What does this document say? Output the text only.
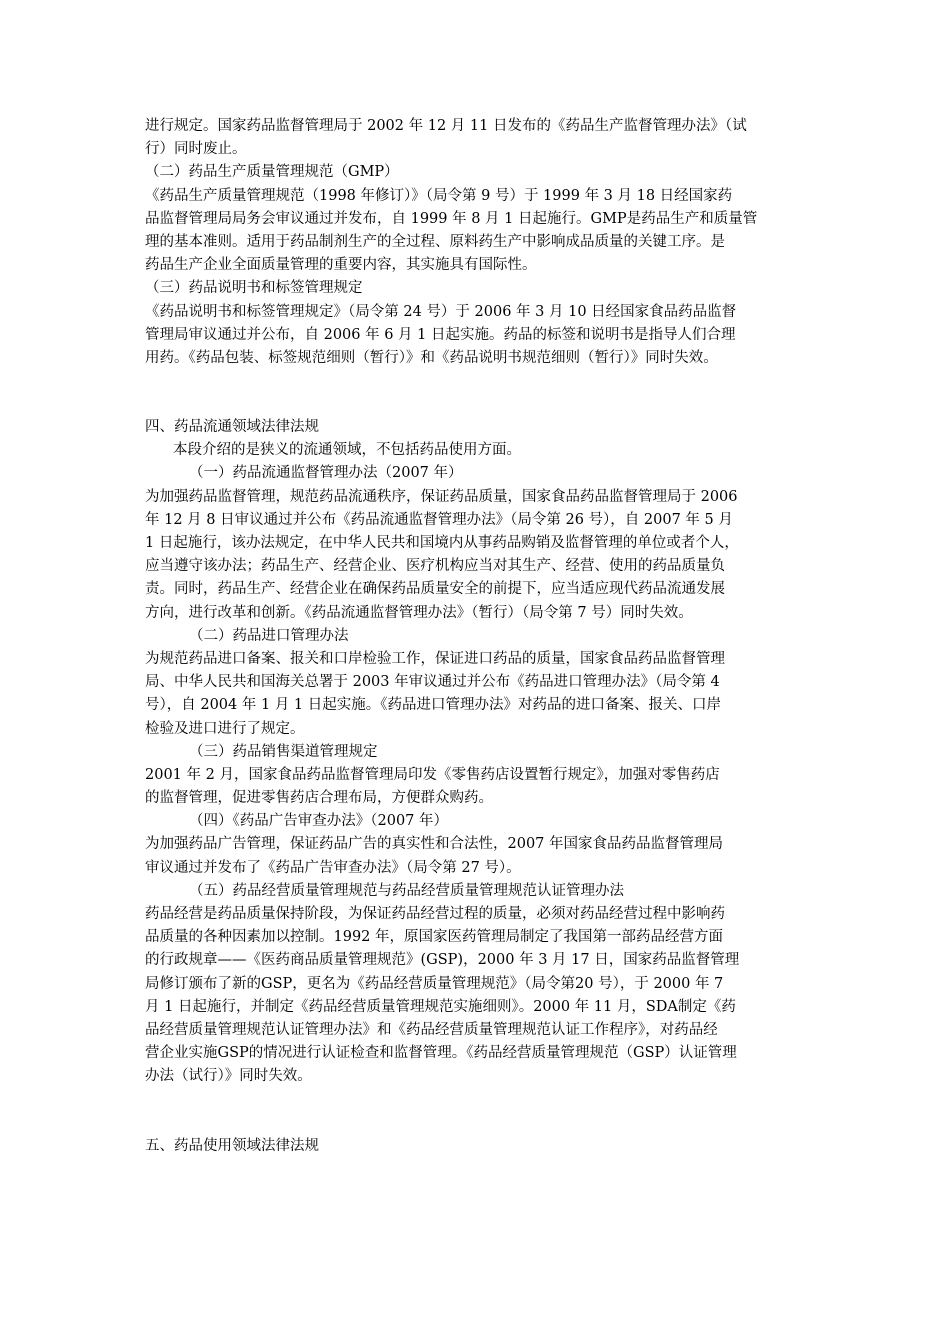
进行规定。国家药品监督管理局于 2002 年 12 月 11 日发布的《药品生产监督管理办法》（试
行）同时废止。
（二）药品生产质量管理规范（GMP）
《药品生产质量管理规范（1998 年修订）》（局令第 9 号）于 1999 年 3 月 18 日经国家药
品监督管理局局务会审议通过并发布，自 1999 年 8 月 1 日起施行。GMP是药品生产和质量管
理的基本准则。适用于药品制剂生产的全过程、原料药生产中影响成品质量的关键工序。是
药品生产企业全面质量管理的重要内容，其实施具有国际性。
（三）药品说明书和标签管理规定
《药品说明书和标签管理规定》（局令第 24 号）于 2006 年 3 月 10 日经国家食品药品监督
管理局审议通过并公布，自 2006 年 6 月 1 日起实施。药品的标签和说明书是指导人们合理
用药。《药品包装、标签规范细则（暂行）》和《药品说明书规范细则（暂行）》同时失效。
四、药品流通领域法律法规
本段介绍的是狭义的流通领域，不包括药品使用方面。
（一）药品流通监督管理办法（2007 年）
为加强药品监督管理，规范药品流通秩序，保证药品质量，国家食品药品监督管理局于 2006
年 12 月 8 日审议通过并公布《药品流通监督管理办法》（局令第 26 号），自 2007 年 5 月
1 日起施行，该办法规定，在中华人民共和国境内从事药品购销及监督管理的单位或者个人，
应当遵守该办法；药品生产、经营企业、医疗机构应当对其生产、经营、使用的药品质量负
责。同时，药品生产、经营企业在确保药品质量安全的前提下，应当适应现代药品流通发展
方向，进行改革和创新。《药品流通监督管理办法》（暂行）（局令第 7 号）同时失效。
（二）药品进口管理办法
为规范药品进口备案、报关和口岸检验工作，保证进口药品的质量，国家食品药品监督管理
局、中华人民共和国海关总署于 2003 年审议通过并公布《药品进口管理办法》（局令第 4
号），自 2004 年 1 月 1 日起实施。《药品进口管理办法》对药品的进口备案、报关、口岸
检验及进口进行了规定。
（三）药品销售渠道管理规定
2001 年 2 月，国家食品药品监督管理局印发《零售药店设置暂行规定》，加强对零售药店
的监督管理，促进零售药店合理布局，方便群众购药。
（四）《药品广告审查办法》（2007 年）
为加强药品广告管理，保证药品广告的真实性和合法性，2007 年国家食品药品监督管理局
审议通过并发布了《药品广告审查办法》（局令第 27 号）。
（五）药品经营质量管理规范与药品经营质量管理规范认证管理办法
药品经营是药品质量保持阶段，为保证药品经营过程的质量，必须对药品经营过程中影响药
品质量的各种因素加以控制。1992 年，原国家医药管理局制定了我国第一部药品经营方面
的行政规章——《医药商品质量管理规范》(GSP)，2000 年 3 月 17 日，国家药品监督管理
局修订颁布了新的GSP，更名为《药品经营质量管理规范》（局令第20 号），于 2000 年 7
月 1 日起施行，并制定《药品经营质量管理规范实施细则》。2000 年 11 月，SDA制定《药
品经营质量管理规范认证管理办法》和《药品经营质量管理规范认证工作程序》，对药品经
营企业实施GSP的情况进行认证检查和监督管理。《药品经营质量管理规范（GSP）认证管理
办法（试行）》同时失效。
五、药品使用领域法律法规
